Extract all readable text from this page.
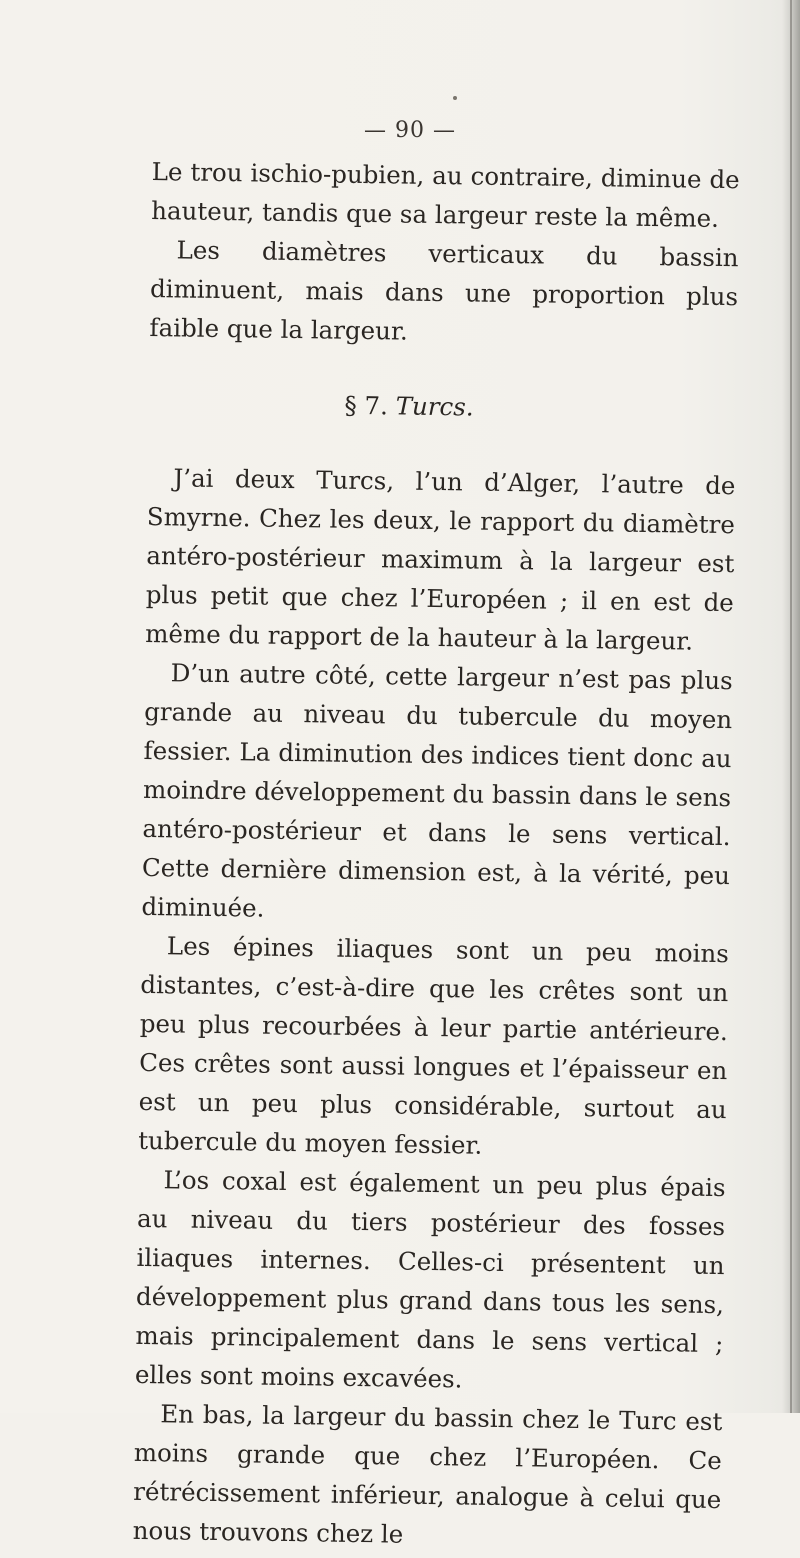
— 90 —

Le trou ischio-pubien, au contraire, diminue de hauteur, tandis que sa largeur reste la même.

Les diamètres verticaux du bassin diminuent, mais dans une proportion plus faible que la largeur.

§ 7. Turcs.

J’ai deux Turcs, l’un d’Alger, l’autre de Smyrne. Chez les deux, le rapport du diamètre antéro-postérieur maximum à la largeur est plus petit que chez l’Européen ; il en est de même du rapport de la hauteur à la largeur.

D’un autre côté, cette largeur n’est pas plus grande au niveau du tubercule du moyen fessier. La diminution des indices tient donc au moindre développement du bassin dans le sens antéro-postérieur et dans le sens vertical. Cette dernière dimension est, à la vérité, peu diminuée.

Les épines iliaques sont un peu moins distantes, c’est-à-dire que les crêtes sont un peu plus recourbées à leur partie antérieure. Ces crêtes sont aussi longues et l’épaisseur en est un peu plus considérable, surtout au tubercule du moyen fessier.

L’os coxal est également un peu plus épais au niveau du tiers postérieur des fosses iliaques internes. Celles-ci présentent un développement plus grand dans tous les sens, mais principalement dans le sens vertical ; elles sont moins excavées.

En bas, la largeur du bassin chez le Turc est moins grande que chez l’Européen. Ce rétrécissement inférieur, analogue à celui que nous trouvons chez le
